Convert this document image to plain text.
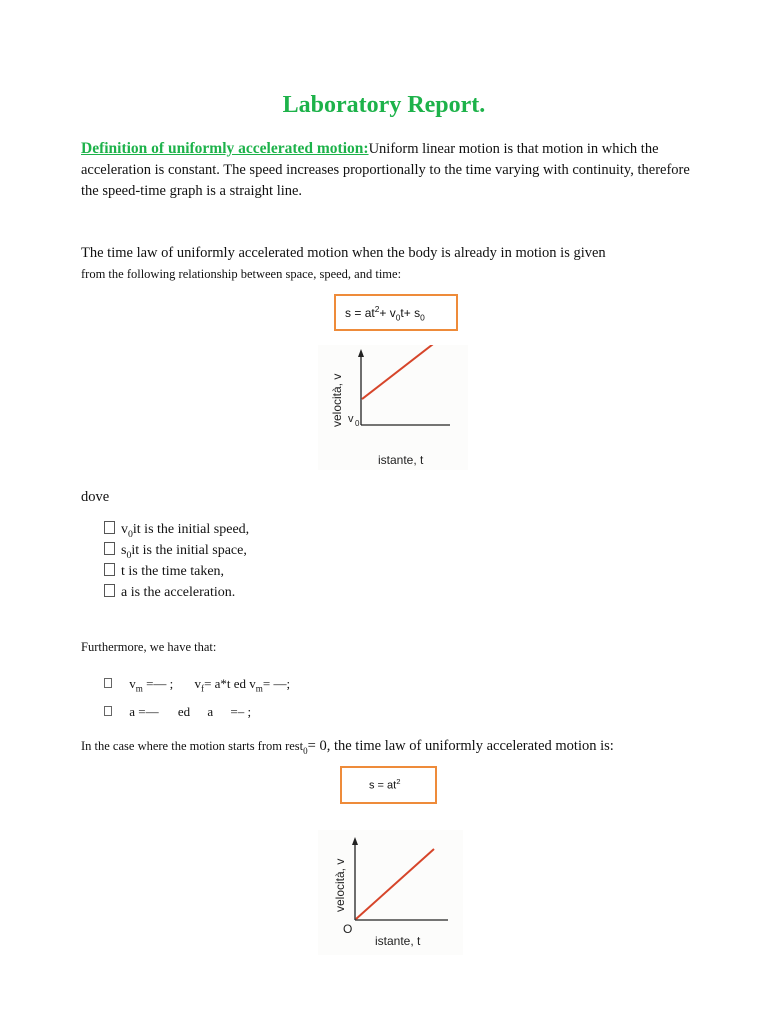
Laboratory Report.
Definition of uniformly accelerated motion:Uniform linear motion is that motion in which the acceleration is constant. The speed increases proportionally to the time varying with continuity, therefore the speed-time graph is a straight line.
The time law of uniformly accelerated motion when the body is already in motion is given
from the following relationship between space, speed, and time:
$s = at^2+ v_0t+ s_0$
istante, t
velocità, v v 0
dove
$v_0it$ is the initial speed,
$s_0it$ is the initial space,
t is the time taken,
a is the acceleration.
Furthermore, we have that:
$v_m$ =— ; $v_f= a*t$ ed $v_m=$ —;
a =— ed a =– ;
In the case where the motion starts from rest$_0$= 0, the time law of uniformly accelerated motion is:
$s = at^2$
istante, t
velocità, v
O
